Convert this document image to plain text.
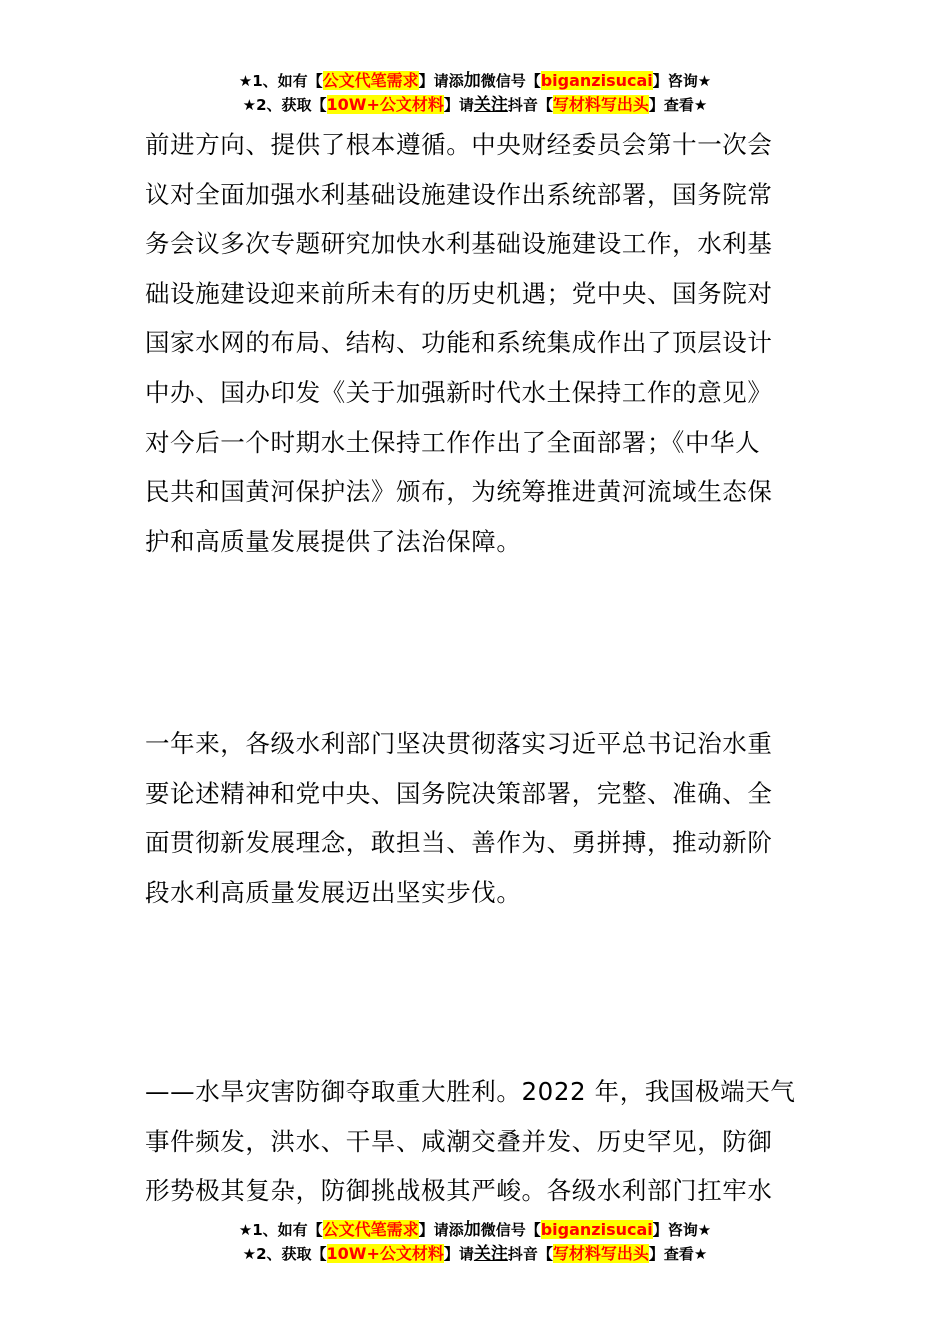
★1、如有【公文代笔需求】请添加微信号【biganzisucai】咨询★
★2、获取【10W+公文材料】请关注抖音【写材料写出头】查看★
前进方向、提供了根本遵循。中央财经委员会第十一次会
议对全面加强水利基础设施建设作出系统部署，国务院常
务会议多次专题研究加快水利基础设施建设工作，水利基
础设施建设迎来前所未有的历史机遇；党中央、国务院对
国家水网的布局、结构、功能和系统集成作出了顶层设计
中办、国办印发《关于加强新时代水土保持工作的意见》
对今后一个时期水土保持工作作出了全面部署；《中华人
民共和国黄河保护法》颁布，为统筹推进黄河流域生态保
护和高质量发展提供了法治保障。
一年来，各级水利部门坚决贯彻落实习近平总书记治水重
要论述精神和党中央、国务院决策部署，完整、准确、全
面贯彻新发展理念，敢担当、善作为、勇拼搏，推动新阶
段水利高质量发展迈出坚实步伐。
——水旱灾害防御夺取重大胜利。2022 年，我国极端天气
事件频发，洪水、干旱、咸潮交叠并发、历史罕见，防御
形势极其复杂，防御挑战极其严峻。各级水利部门扛牢水
★1、如有【公文代笔需求】请添加微信号【biganzisucai】咨询★
★2、获取【10W+公文材料】请关注抖音【写材料写出头】查看★
